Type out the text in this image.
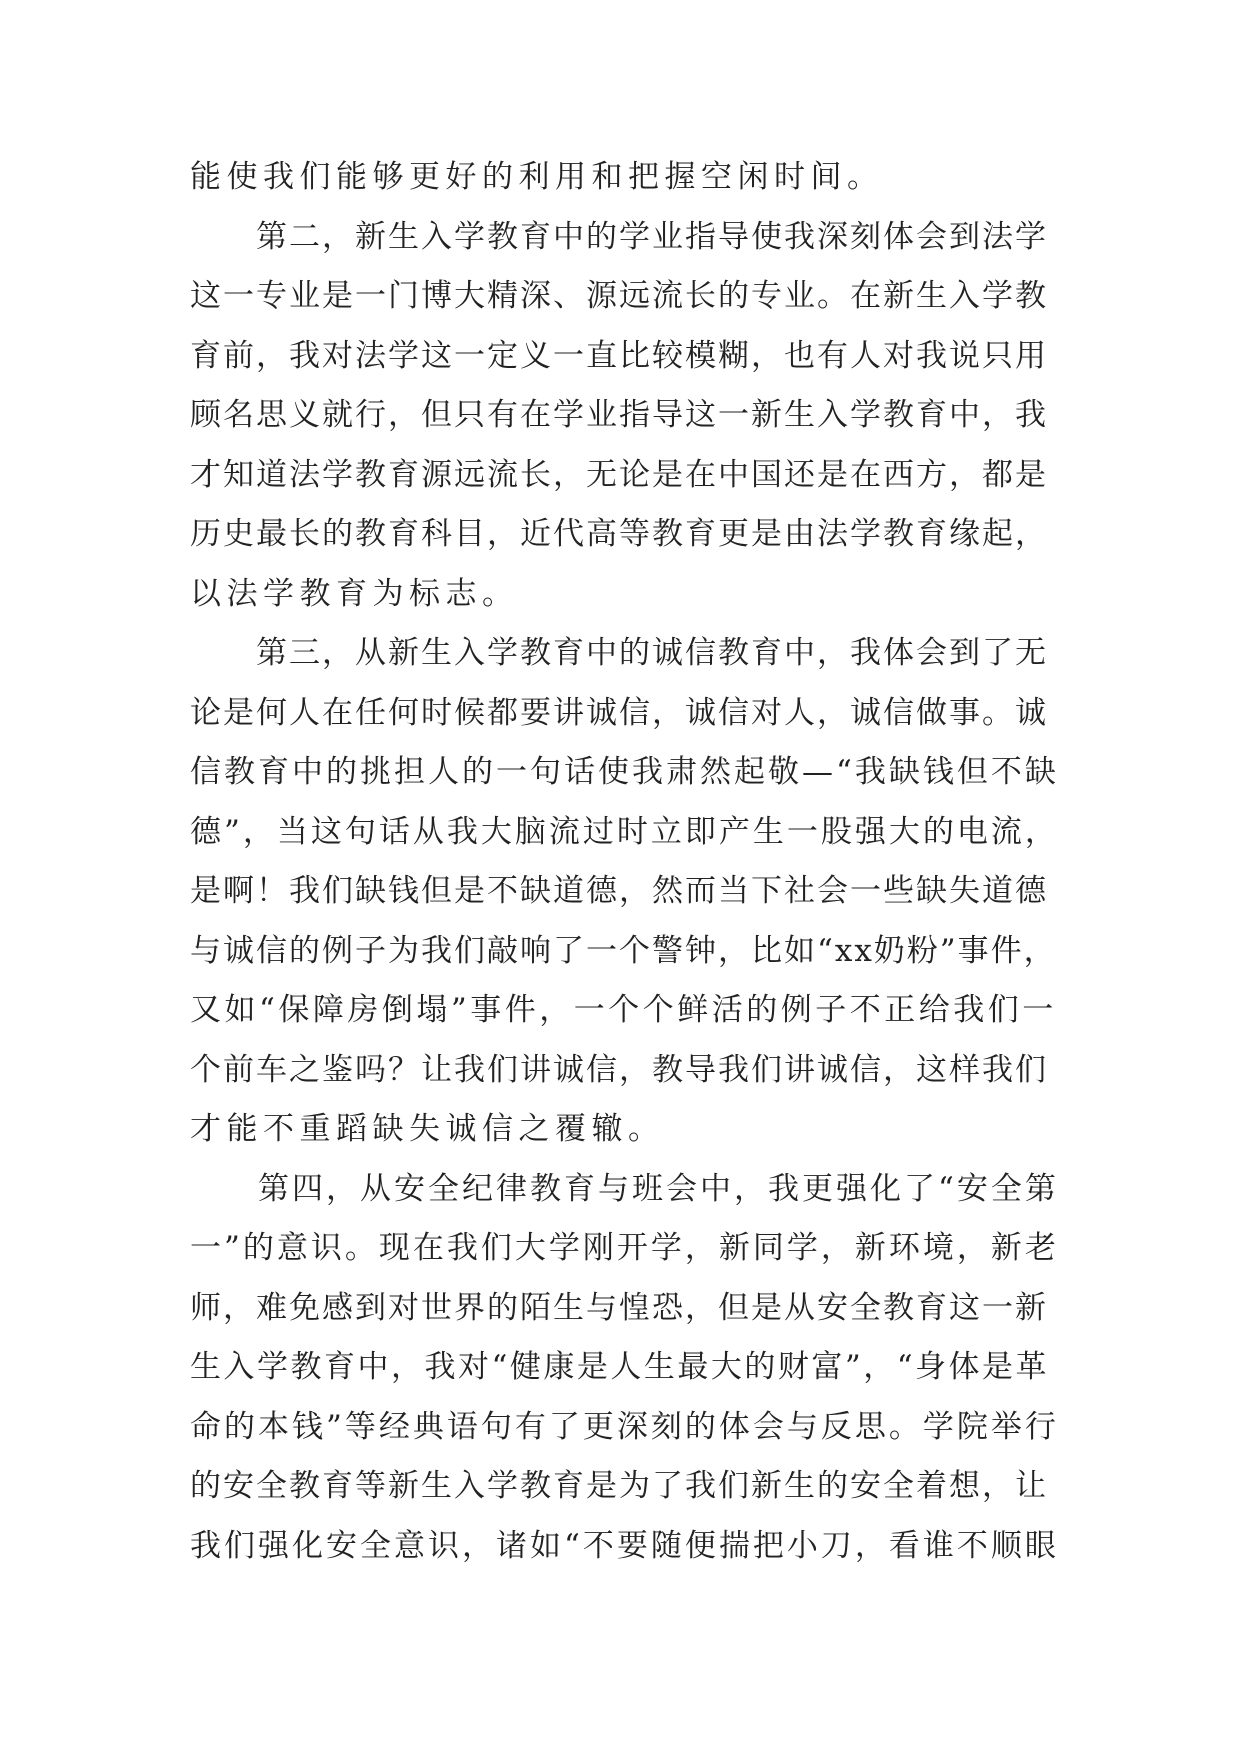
能使我们能够更好的利用和把握空闲时间。
　　第二，新生入学教育中的学业指导使我深刻体会到法学
这一专业是一门博大精深、源远流长的专业。在新生入学教
育前，我对法学这一定义一直比较模糊，也有人对我说只用
顾名思义就行，但只有在学业指导这一新生入学教育中，我
才知道法学教育源远流长，无论是在中国还是在西方，都是
历史最长的教育科目，近代高等教育更是由法学教育缘起，
以法学教育为标志。
　　第三，从新生入学教育中的诚信教育中，我体会到了无
论是何人在任何时候都要讲诚信，诚信对人，诚信做事。诚
信教育中的挑担人的一句话使我肃然起敬—“我缺钱但不缺
德”，当这句话从我大脑流过时立即产生一股强大的电流，
是啊！我们缺钱但是不缺道德，然而当下社会一些缺失道德
与诚信的例子为我们敲响了一个警钟，比如“xx奶粉”事件，
又如“保障房倒塌”事件，一个个鲜活的例子不正给我们一
个前车之鉴吗？让我们讲诚信，教导我们讲诚信，这样我们
才能不重蹈缺失诚信之覆辙。
　　第四，从安全纪律教育与班会中，我更强化了“安全第
一”的意识。现在我们大学刚开学，新同学，新环境，新老
师，难免感到对世界的陌生与惶恐，但是从安全教育这一新
生入学教育中，我对“健康是人生最大的财富”，“身体是革
命的本钱”等经典语句有了更深刻的体会与反思。学院举行
的安全教育等新生入学教育是为了我们新生的安全着想，让
我们强化安全意识，诸如“不要随便揣把小刀，看谁不顺眼
